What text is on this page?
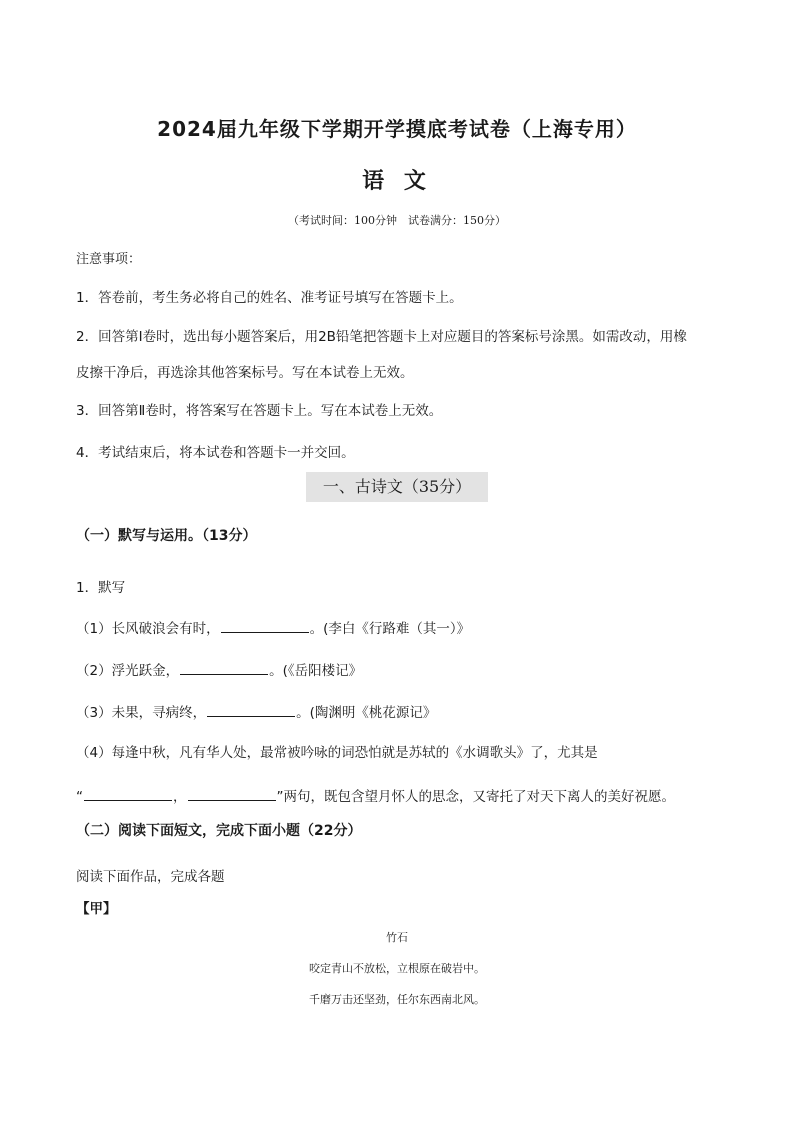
2024届九年级下学期开学摸底考试卷（上海专用）
语 文
（考试时间：100分钟　试卷满分：150分）
注意事项：
1．答卷前，考生务必将自己的姓名、准考证号填写在答题卡上。
2．回答第Ⅰ卷时，选出每小题答案后，用2B铅笔把答题卡上对应题目的答案标号涂黑。如需改动，用橡
皮擦干净后，再选涂其他答案标号。写在本试卷上无效。
3．回答第Ⅱ卷时，将答案写在答题卡上。写在本试卷上无效。
4．考试结束后，将本试卷和答题卡一并交回。
一、古诗文（35分）
（一）默写与运用。（13分）
1．默写
（1）长风破浪会有时，	。(李白《行路难（其一）》
（2）浮光跃金，	。(《岳阳楼记》
（3）未果，寻病终，	。(陶渊明《桃花源记》
（4）每逢中秋，凡有华人处，最常被吟咏的词恐怕就是苏轼的《水调歌头》了，尤其是
“	，	”两句，既包含望月怀人的思念，又寄托了对天下离人的美好祝愿。
（二）阅读下面短文，完成下面小题（22分）
阅读下面作品，完成各题
【甲】
竹石
咬定青山不放松，立根原在破岩中。
千磨万击还坚劲，任尔东西南北风。
